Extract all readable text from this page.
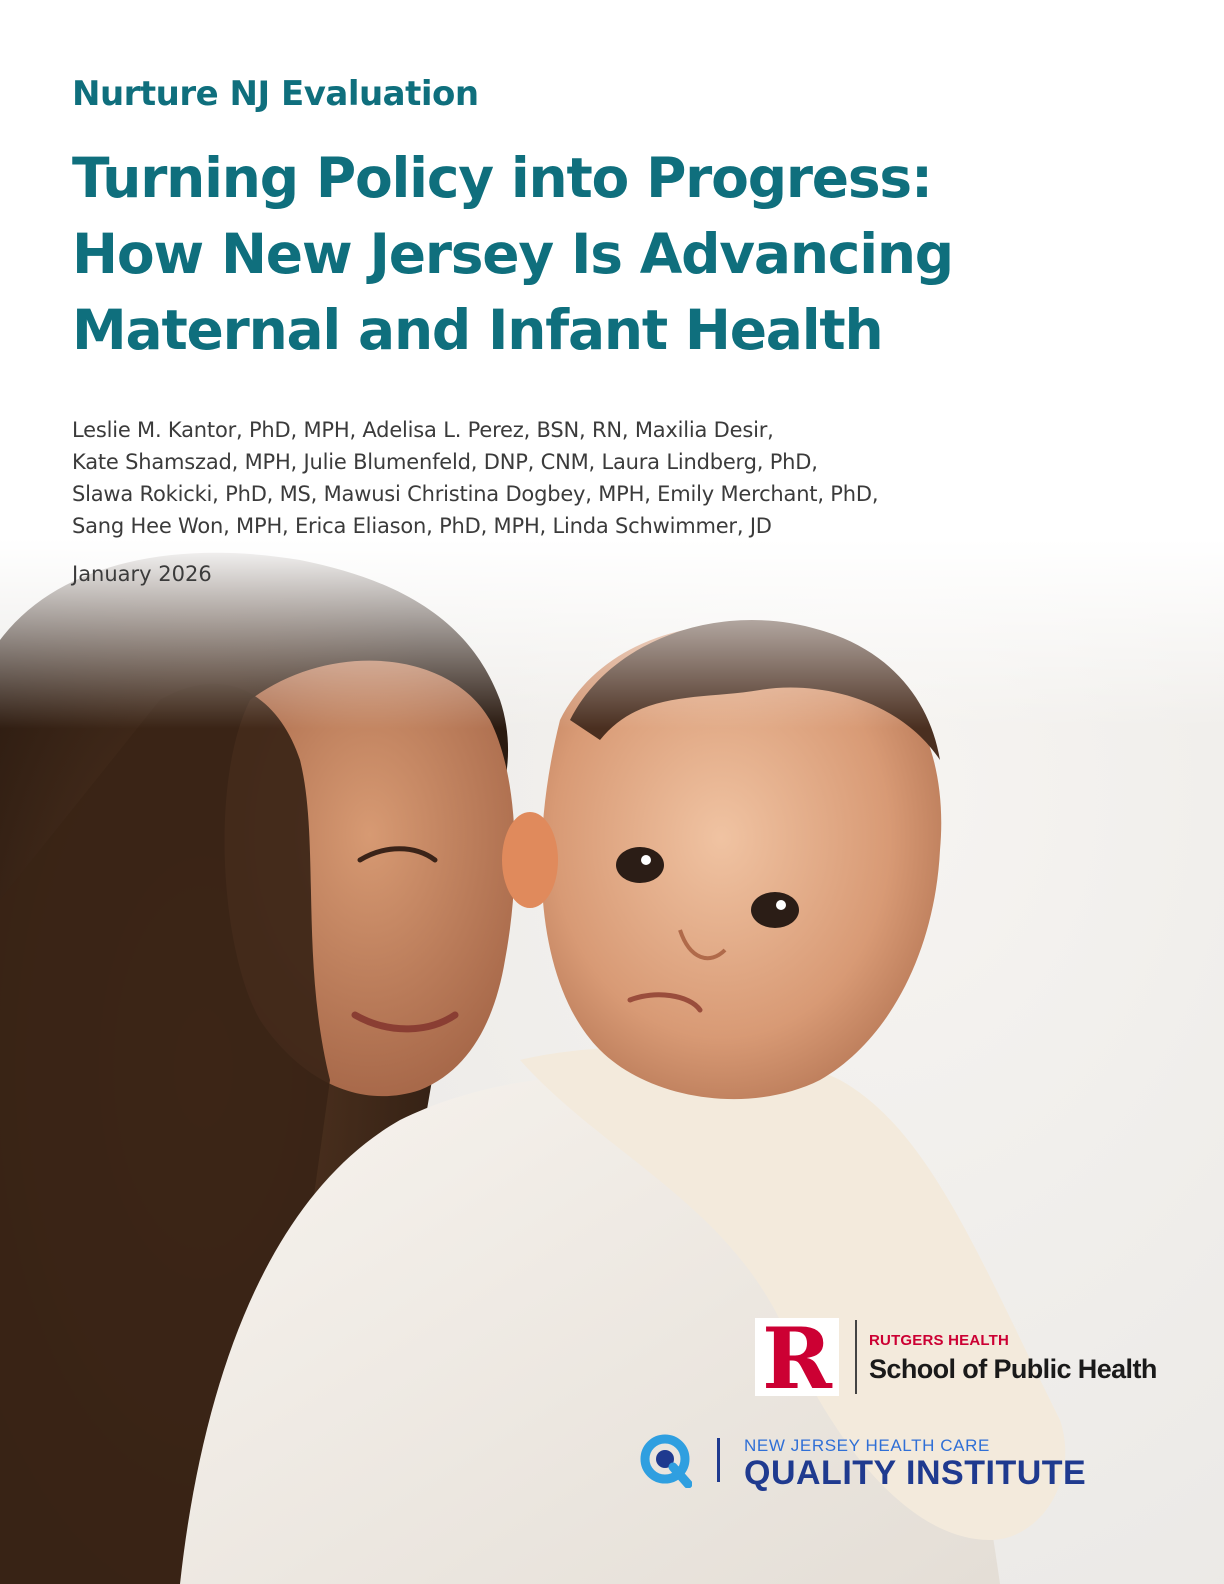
Nurture NJ Evaluation

Turning Policy into Progress:
How New Jersey Is Advancing
Maternal and Infant Health
Leslie M. Kantor, PhD, MPH, Adelisa L. Perez, BSN, RN, Maxilia Desir,
Kate Shamszad, MPH, Julie Blumenfeld, DNP, CNM, Laura Lindberg, PhD,
Slawa Rokicki, PhD, MS, Mawusi Christina Dogbey, MPH, Emily Merchant, PhD,
Sang Hee Won, MPH, Erica Eliason, PhD, MPH, Linda Schwimmer, JD
January 2026
R RUTGERS HEALTH
School of Public Health
NEW JERSEY HEALTH CARE
QUALITY INSTITUTE
